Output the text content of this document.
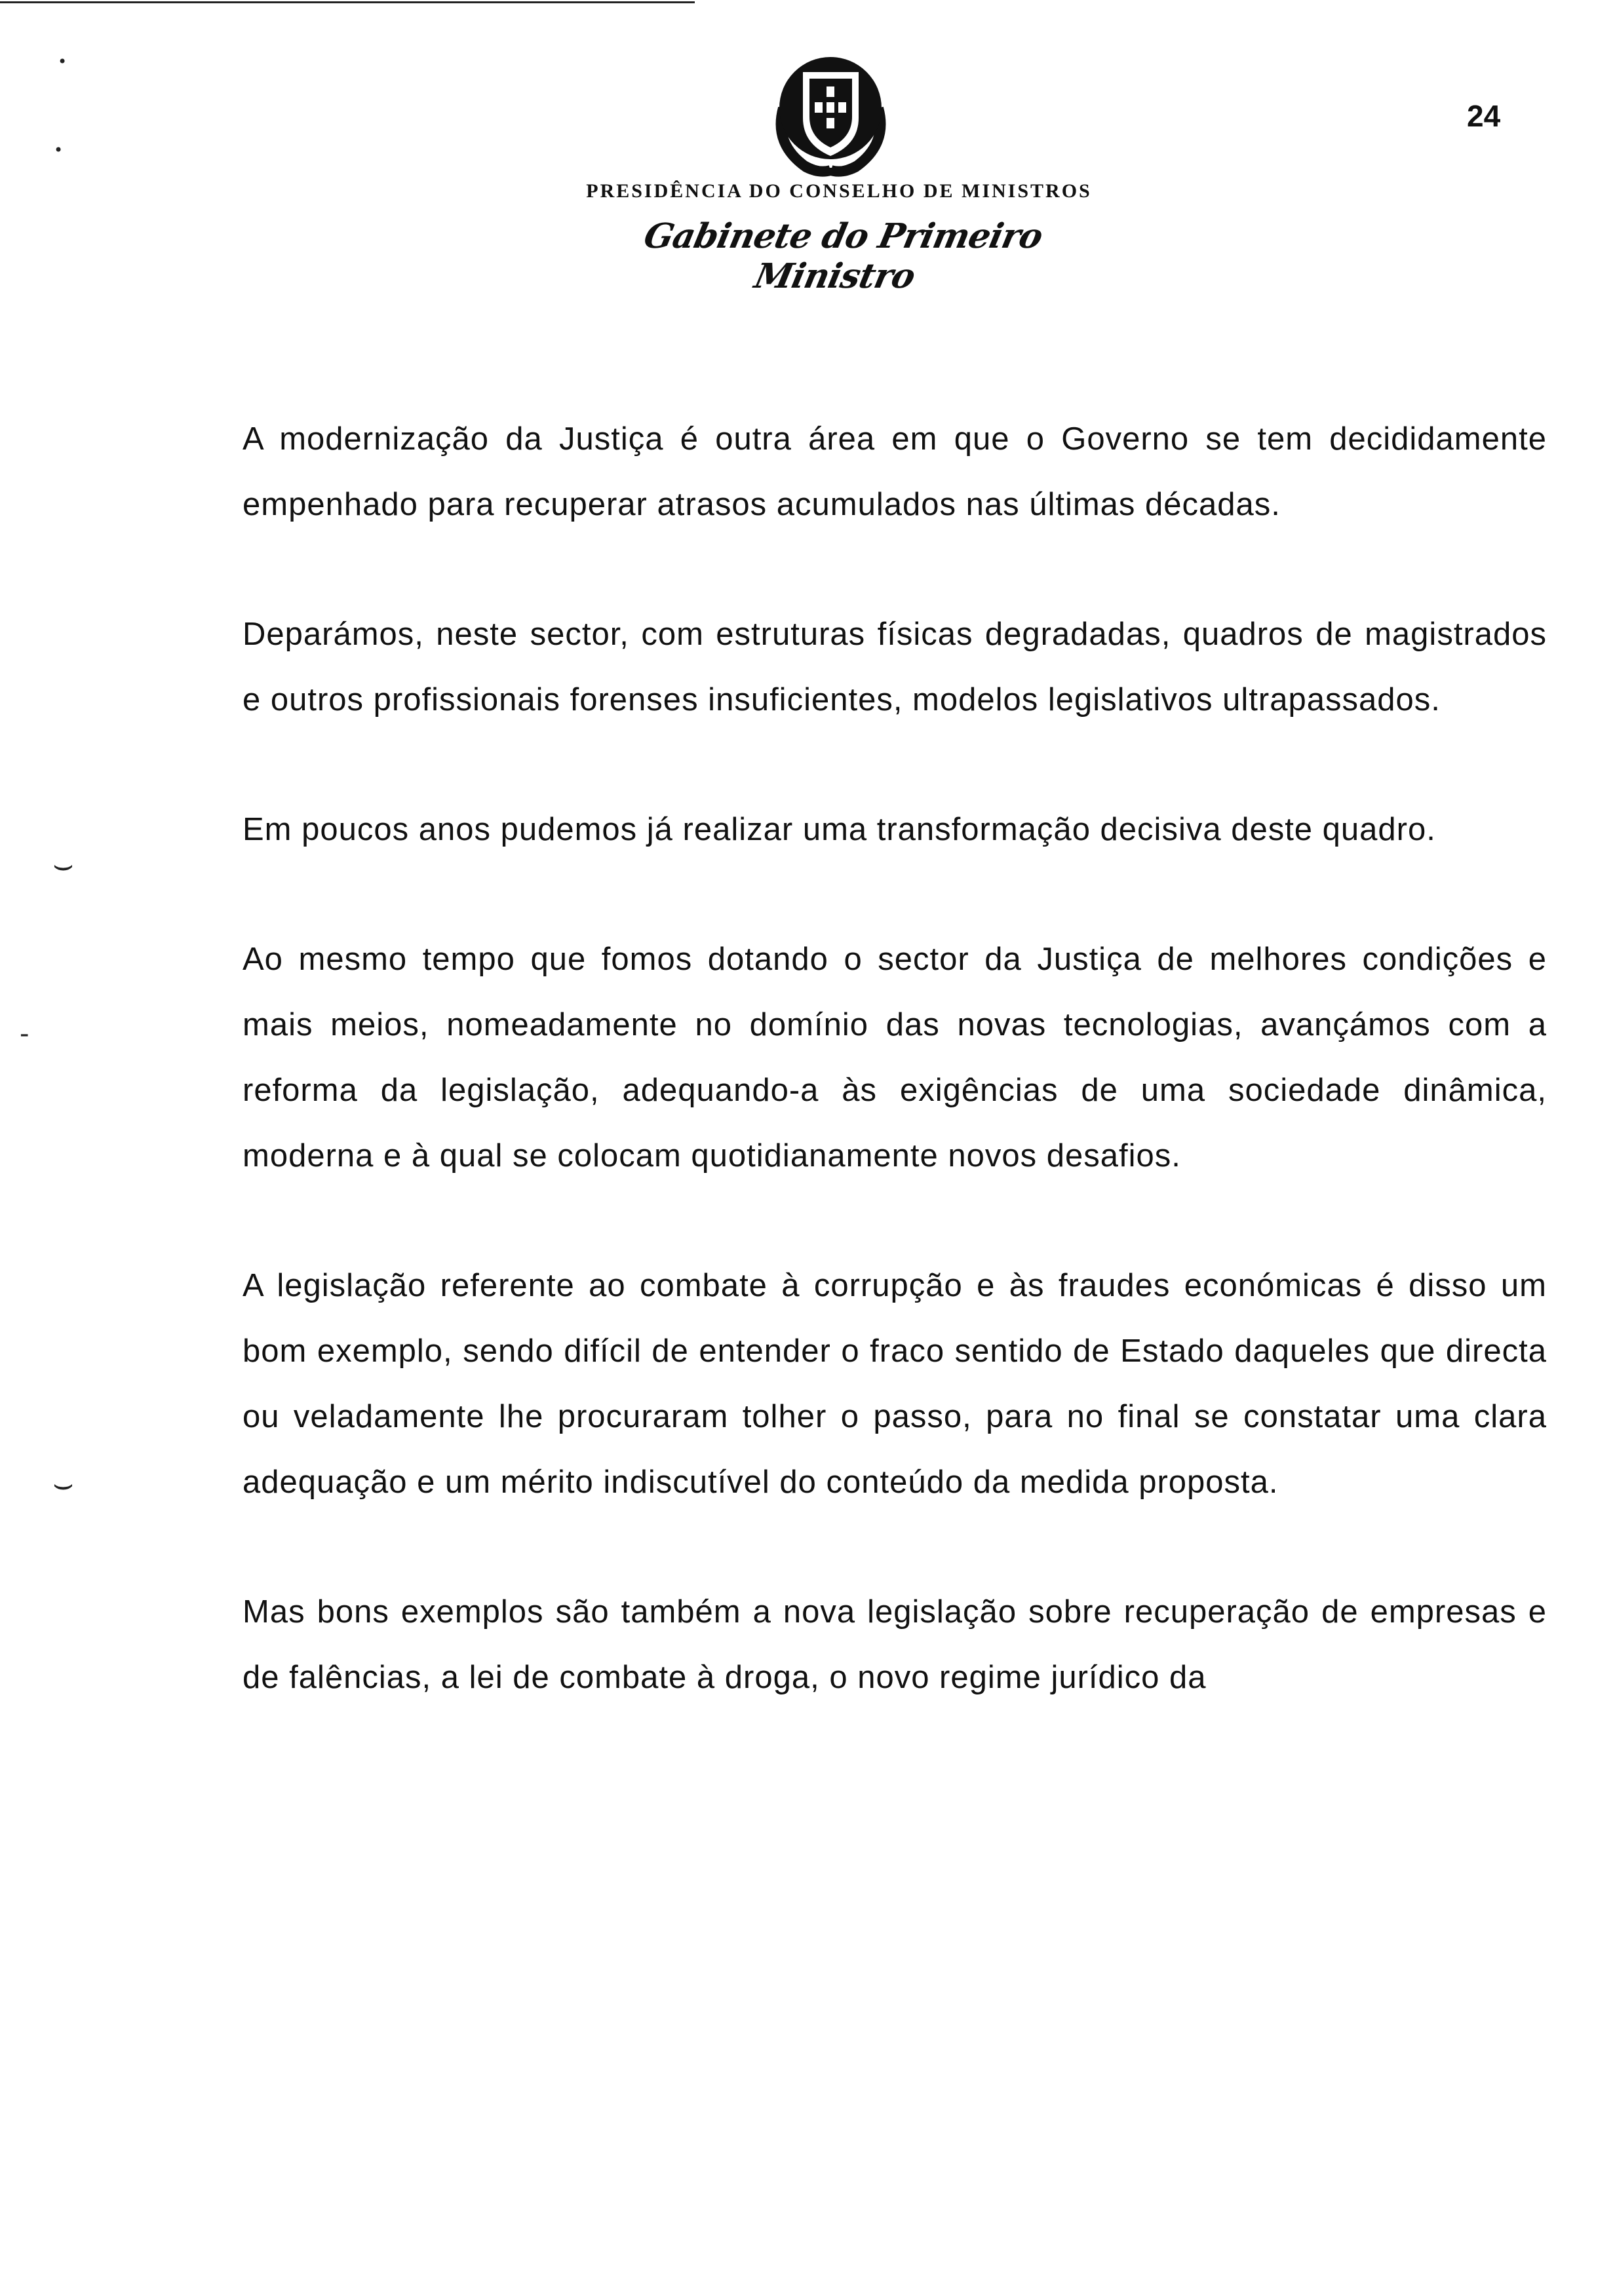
24
PRESIDÊNCIA DO CONSELHO DE MINISTROS
Gabinete do Primeiro Ministro
•
•
⌣
-
⌣

A modernização da Justiça é outra área em que o Governo se tem decididamente empenhado para recuperar atrasos acumulados nas últimas décadas.

Deparámos, neste sector, com estruturas físicas degradadas, quadros de magistrados e outros profissionais forenses insuficientes, modelos legislativos ultrapassados.

Em poucos anos pudemos já realizar uma transformação decisiva deste quadro.

Ao mesmo tempo que fomos dotando o sector da Justiça de melhores condições e mais meios, nomeadamente no domínio das novas tecnologias, avançámos com a reforma da legislação, adequando-a às exigências de uma sociedade dinâmica, moderna e à qual se colocam quotidianamente novos desafios.

A legislação referente ao combate à corrupção e às fraudes económicas é disso um bom exemplo, sendo difícil de entender o fraco sentido de Estado daqueles que directa ou veladamente lhe procuraram tolher o passo, para no final se constatar uma clara adequação e um mérito indiscutível do conteúdo da medida proposta.

Mas bons exemplos são também a nova legislação sobre recuperação de empresas e de falências, a lei de combate à droga, o novo regime jurídico da
